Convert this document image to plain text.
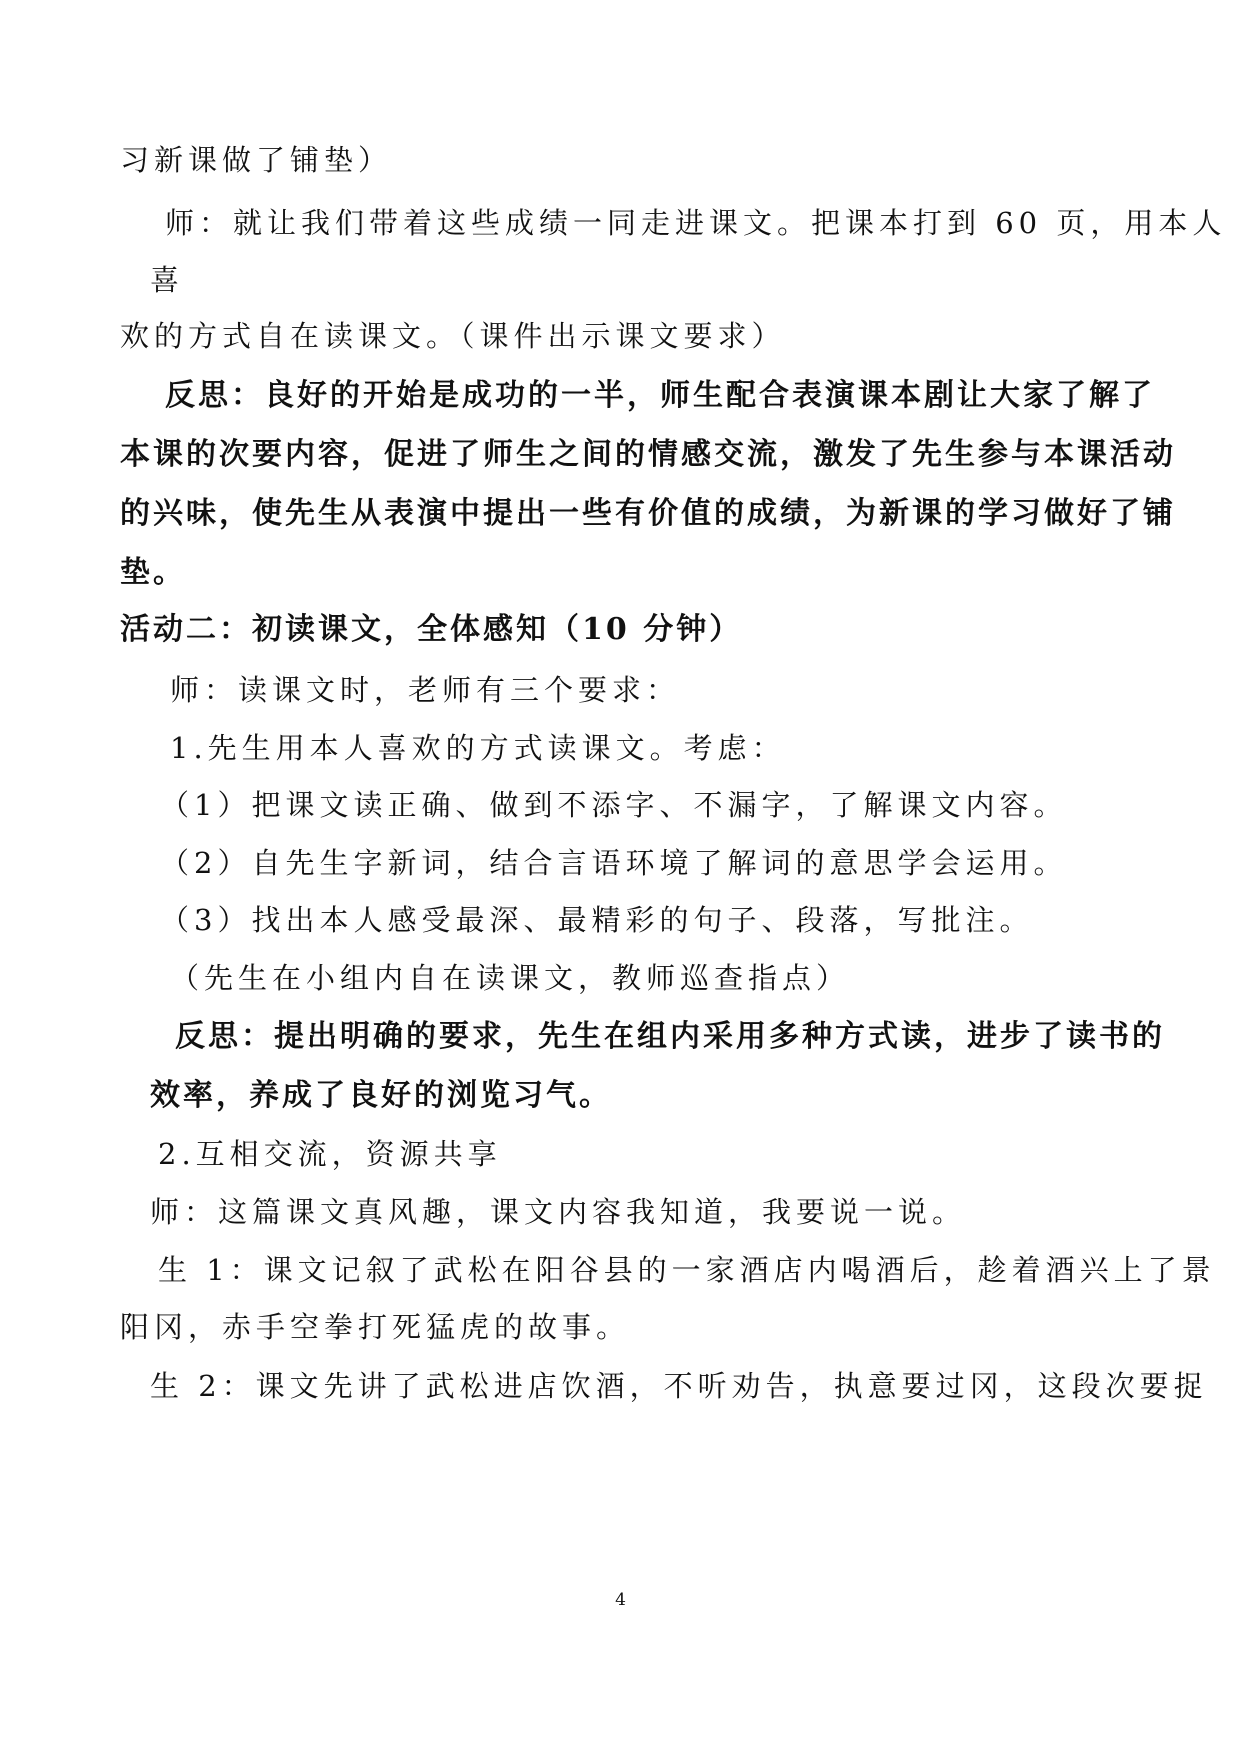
习新课做了铺垫）
师：就让我们带着这些成绩一同走进课文。把课本打到 60 页，用本人
喜
欢的方式自在读课文。（课件出示课文要求）
反思：良好的开始是成功的一半，师生配合表演课本剧让大家了解了
本课的次要内容，促进了师生之间的情感交流，激发了先生参与本课活动
的兴味，使先生从表演中提出一些有价值的成绩，为新课的学习做好了铺
垫。
活动二：初读课文，全体感知（10 分钟）
师：读课文时，老师有三个要求：
1.先生用本人喜欢的方式读课文。考虑：
（1）把课文读正确、做到不添字、不漏字，了解课文内容。
（2）自先生字新词，结合言语环境了解词的意思学会运用。
（3）找出本人感受最深、最精彩的句子、段落，写批注。
（先生在小组内自在读课文，教师巡查指点）
反思：提出明确的要求，先生在组内采用多种方式读，进步了读书的
效率，养成了良好的浏览习气。
2.互相交流，资源共享
师：这篇课文真风趣，课文内容我知道，我要说一说。
生 1：课文记叙了武松在阳谷县的一家酒店内喝酒后，趁着酒兴上了景
阳冈，赤手空拳打死猛虎的故事。
生 2：课文先讲了武松进店饮酒，不听劝告，执意要过冈，这段次要捉
4
